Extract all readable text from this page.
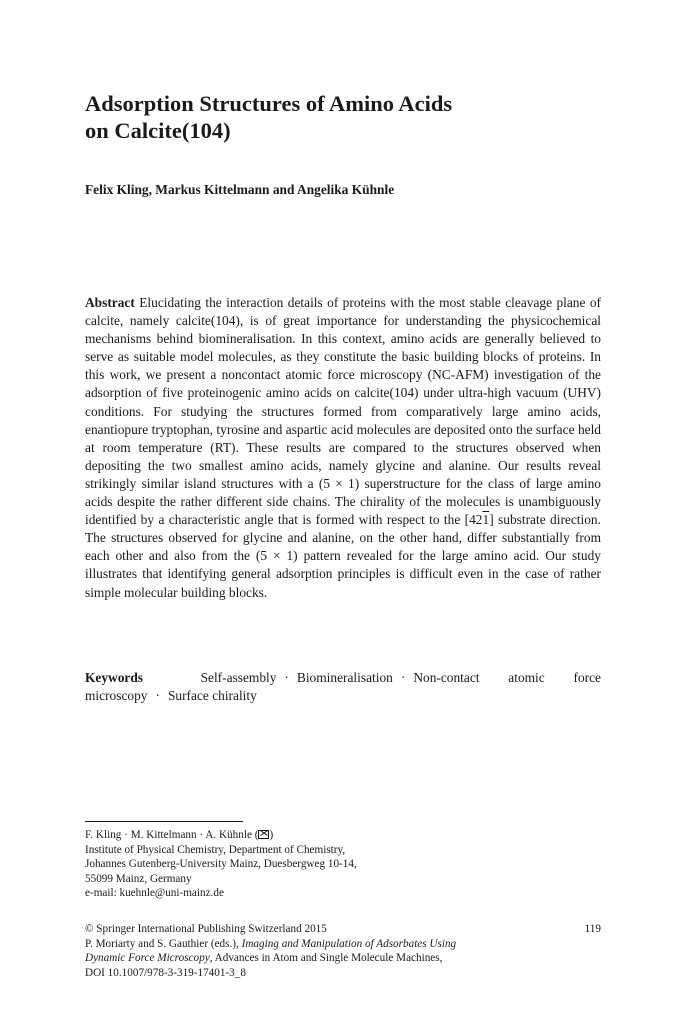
Adsorption Structures of Amino Acids
on Calcite(104)

Felix Kling, Markus Kittelmann and Angelika Kühnle

Abstract Elucidating the interaction details of proteins with the most stable cleavage plane of calcite, namely calcite(104), is of great importance for understanding the physicochemical mechanisms behind biomineralisation. In this context, amino acids are generally believed to serve as suitable model molecules, as they constitute the basic building blocks of proteins. In this work, we present a noncontact atomic force microscopy (NC-AFM) investigation of the adsorption of five proteinogenic amino acids on calcite(104) under ultra-high vacuum (UHV) conditions. For studying the structures formed from comparatively large amino acids, enantiopure tryptophan, tyrosine and aspartic acid molecules are deposited onto the surface held at room temperature (RT). These results are compared to the structures observed when depositing the two smallest amino acids, namely glycine and alanine. Our results reveal strikingly similar island structures with a (5 × 1) superstructure for the class of large amino acids despite the rather different side chains. The chirality of the molecules is unambiguously identified by a characteristic angle that is formed with respect to the [421] substrate direction. The structures observed for glycine and alanine, on the other hand, differ substantially from each other and also from the (5 × 1) pattern revealed for the large amino acid. Our study illustrates that identifying general adsorption principles is difficult even in the case of rather simple molecular building blocks.

Keywords	Self-assembly · Biomineralisation · Non-contact atomic force microscopy · Surface chirality

F. Kling · M. Kittelmann · A. Kühnle ( )
Institute of Physical Chemistry, Department of Chemistry,
Johannes Gutenberg-University Mainz, Duesbergweg 10-14,
55099 Mainz, Germany
e-mail: kuehnle@uni-mainz.de
© Springer International Publishing Switzerland 2015	119
P. Moriarty and S. Gauthier (eds.), Imaging and Manipulation of Adsorbates Using
Dynamic Force Microscopy, Advances in Atom and Single Molecule Machines,
DOI 10.1007/978-3-319-17401-3_8
